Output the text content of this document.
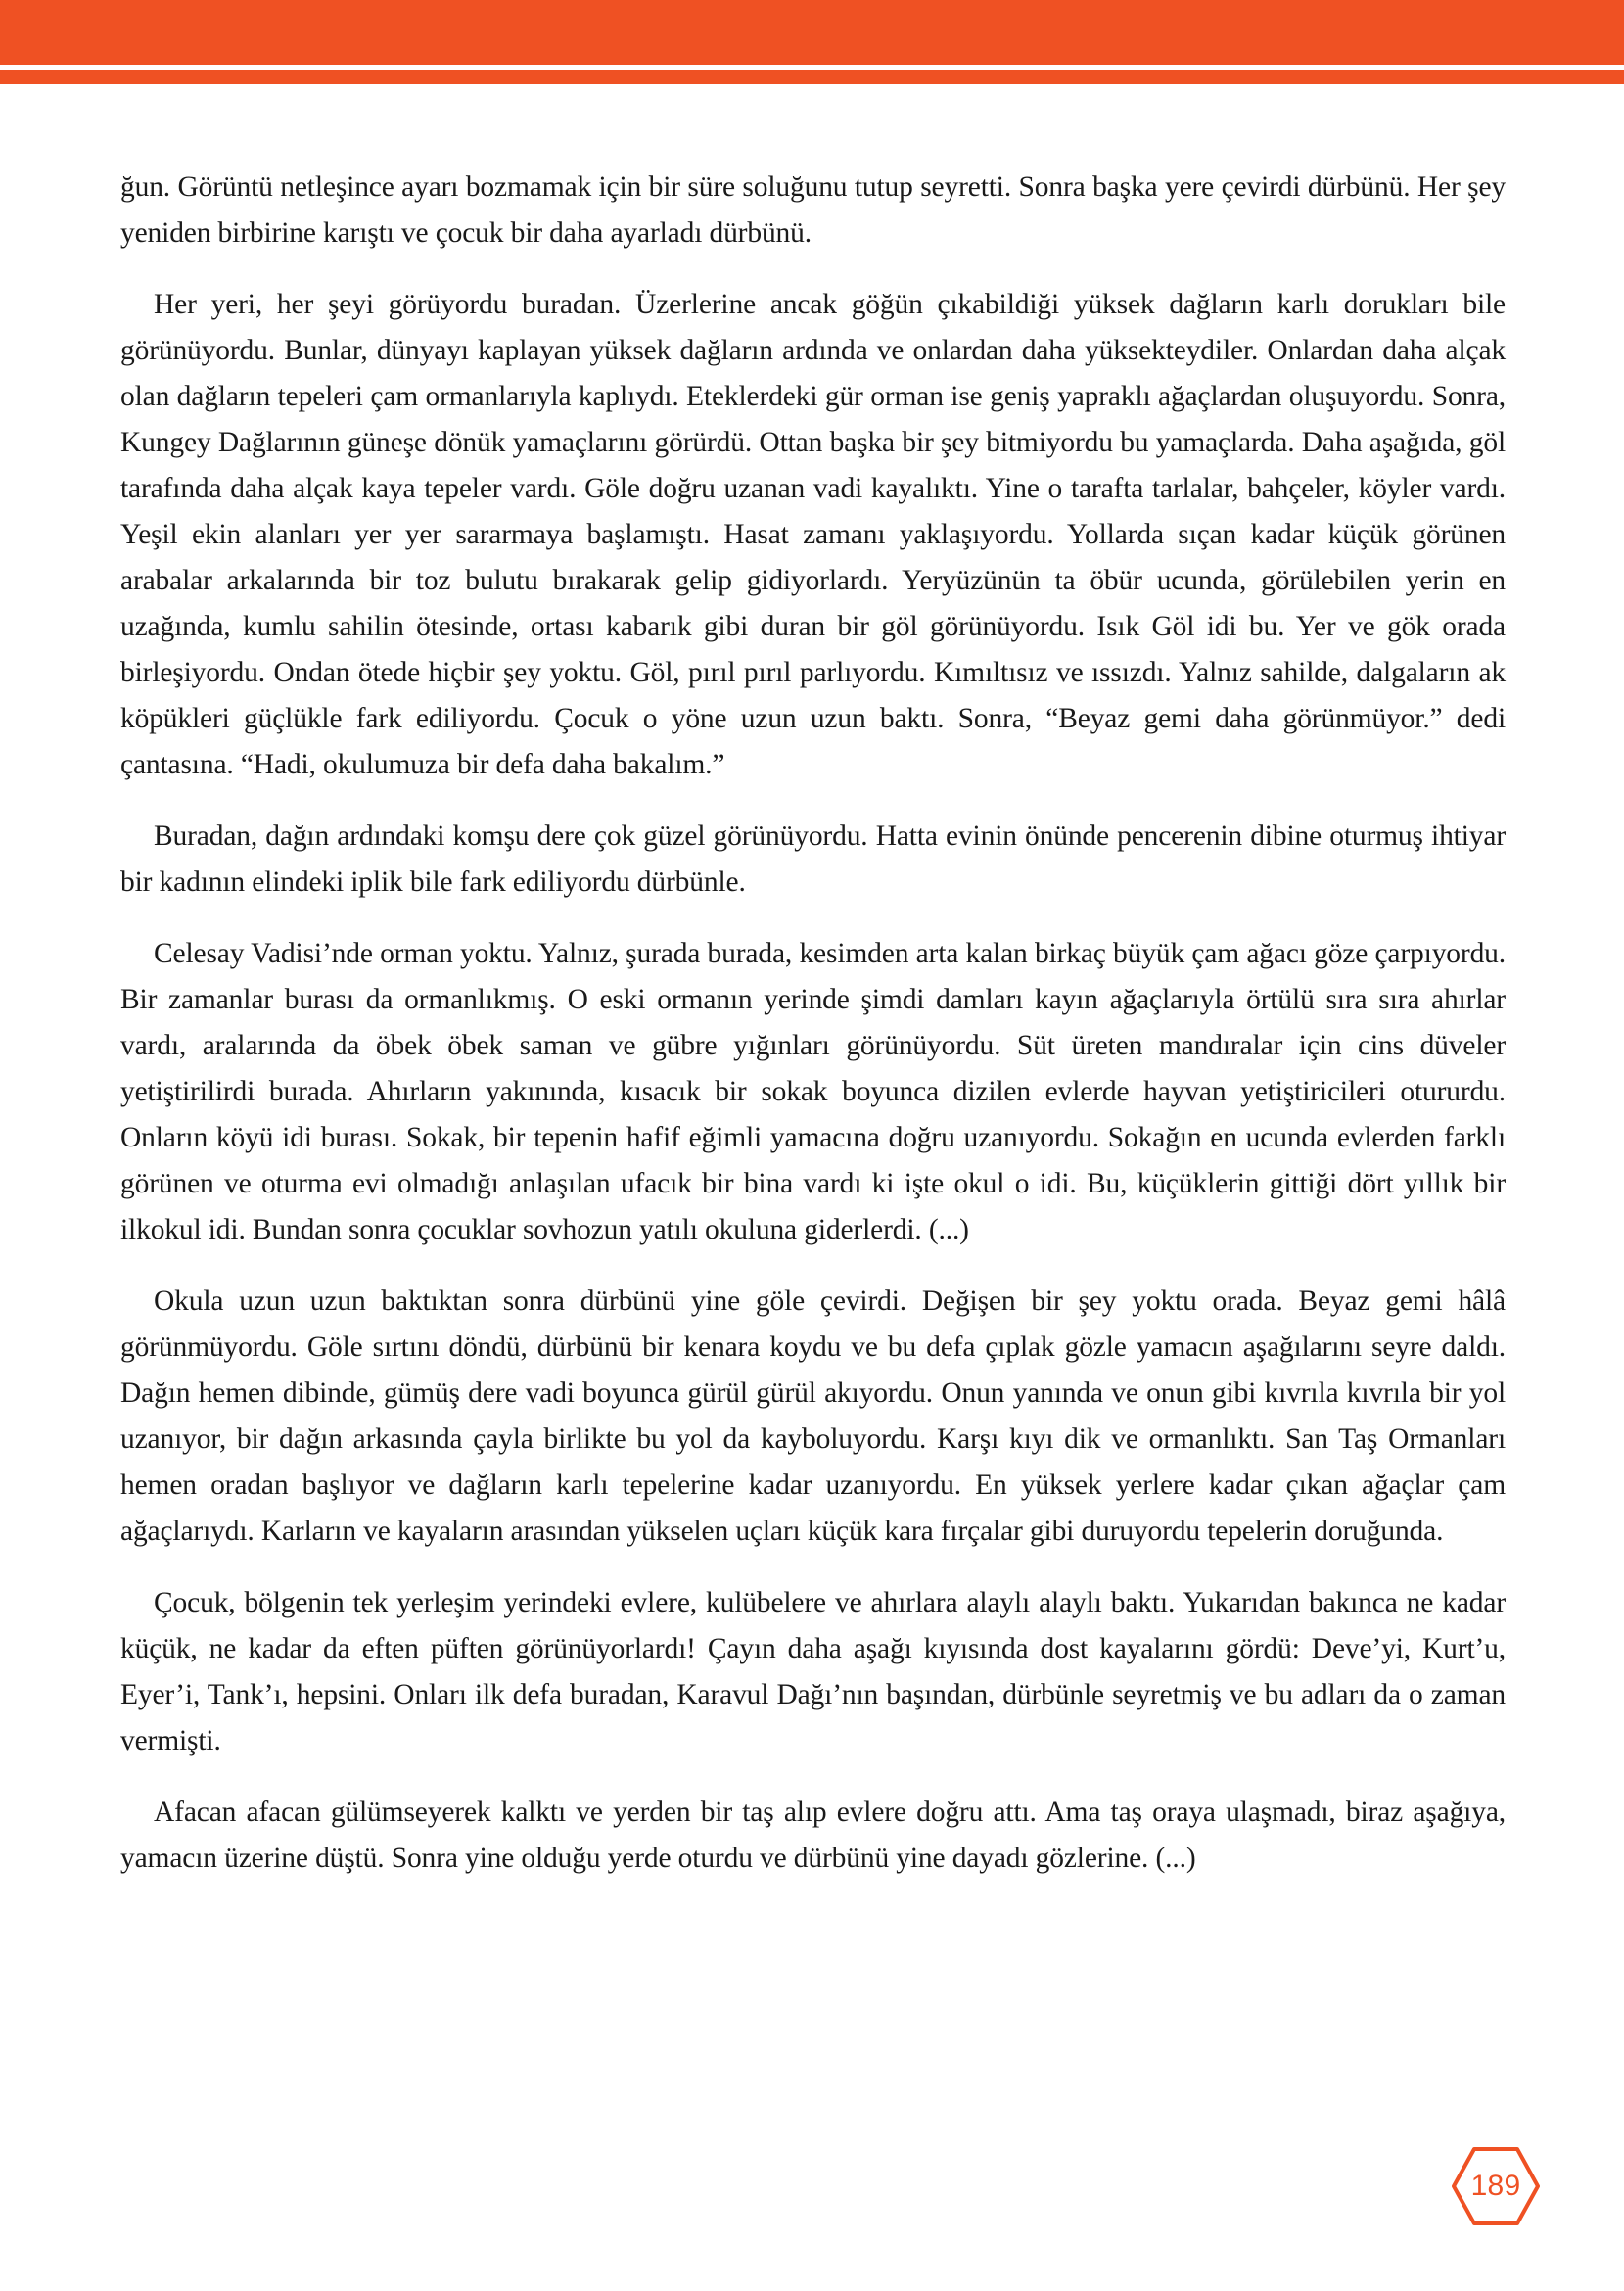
ğun. Görüntü netleşince ayarı bozmamak için bir süre soluğunu tutup seyretti. Sonra başka yere çevirdi dürbünü. Her şey yeniden birbirine karıştı ve çocuk bir daha ayarladı dürbünü.

Her yeri, her şeyi görüyordu buradan. Üzerlerine ancak göğün çıkabildiği yüksek dağların karlı dorukları bile görünüyordu. Bunlar, dünyayı kaplayan yüksek dağların ardında ve onlardan daha yüksekteydiler. Onlardan daha alçak olan dağların tepeleri çam ormanlarıyla kaplıydı. Eteklerdeki gür orman ise geniş yapraklı ağaçlardan oluşuyordu. Sonra, Kungey Dağlarının güneşe dönük yamaçlarını görürdü. Ottan başka bir şey bitmiyordu bu yamaçlarda. Daha aşağıda, göl tarafında daha alçak kaya tepeler vardı. Göle doğru uzanan vadi kayalıktı. Yine o tarafta tarlalar, bahçeler, köyler vardı. Yeşil ekin alanları yer yer sararmaya başlamıştı. Hasat zamanı yaklaşıyordu. Yollarda sıçan kadar küçük görünen arabalar arkalarında bir toz bulutu bırakarak gelip gidiyorlardı. Yeryüzünün ta öbür ucunda, görülebilen yerin en uzağında, kumlu sahilin ötesinde, ortası kabarık gibi duran bir göl görünüyordu. Isık Göl idi bu. Yer ve gök orada birleşiyordu. Ondan ötede hiçbir şey yoktu. Göl, pırıl pırıl parlıyordu. Kımıltısız ve ıssızdı. Yalnız sahilde, dalgaların ak köpükleri güçlükle fark ediliyordu. Çocuk o yöne uzun uzun baktı. Sonra, “Beyaz gemi daha görünmüyor.” dedi çantasına. “Hadi, okulumuza bir defa daha bakalım.”

Buradan, dağın ardındaki komşu dere çok güzel görünüyordu. Hatta evinin önünde pencerenin dibine oturmuş ihtiyar bir kadının elindeki iplik bile fark ediliyordu dürbünle.

Celesay Vadisi’nde orman yoktu. Yalnız, şurada burada, kesimden arta kalan birkaç büyük çam ağacı göze çarpıyordu. Bir zamanlar burası da ormanlıkmış. O eski ormanın yerinde şimdi damları kayın ağaçlarıyla örtülü sıra sıra ahırlar vardı, aralarında da öbek öbek saman ve gübre yığınları görünüyordu. Süt üreten mandıralar için cins düveler yetiştirilirdi burada. Ahırların yakınında, kısacık bir sokak boyunca dizilen evlerde hayvan yetiştiricileri otururdu. Onların köyü idi burası. Sokak, bir tepenin hafif eğimli yamacına doğru uzanıyordu. Sokağın en ucunda evlerden farklı görünen ve oturma evi olmadığı anlaşılan ufacık bir bina vardı ki işte okul o idi. Bu, küçüklerin gittiği dört yıllık bir ilkokul idi. Bundan sonra çocuklar sovhozun yatılı okuluna giderlerdi. (...)

Okula uzun uzun baktıktan sonra dürbünü yine göle çevirdi. Değişen bir şey yoktu orada. Beyaz gemi hâlâ görünmüyordu. Göle sırtını döndü, dürbünü bir kenara koydu ve bu defa çıplak gözle yamacın aşağılarını seyre daldı. Dağın hemen dibinde, gümüş dere vadi boyunca gürül gürül akıyordu. Onun yanında ve onun gibi kıvrıla kıvrıla bir yol uzanıyor, bir dağın arkasında çayla birlikte bu yol da kayboluyordu. Karşı kıyı dik ve ormanlıktı. San Taş Ormanları hemen oradan başlıyor ve dağların karlı tepelerine kadar uzanıyordu. En yüksek yerlere kadar çıkan ağaçlar çam ağaçlarıydı. Karların ve kayaların arasından yükselen uçları küçük kara fırçalar gibi duruyordu tepelerin doruğunda.

Çocuk, bölgenin tek yerleşim yerindeki evlere, kulübelere ve ahırlara alaylı alaylı baktı. Yukarıdan bakınca ne kadar küçük, ne kadar da eften püften görünüyorlardı! Çayın daha aşağı kıyısında dost kayalarını gördü: Deve’yi, Kurt’u, Eyer’i, Tank’ı, hepsini. Onları ilk defa buradan, Karavul Dağı’nın başından, dürbünle seyretmiş ve bu adları da o zaman vermişti.

Afacan afacan gülümseyerek kalktı ve yerden bir taş alıp evlere doğru attı. Ama taş oraya ulaşmadı, biraz aşağıya, yamacın üzerine düştü. Sonra yine olduğu yerde oturdu ve dürbünü yine dayadı gözlerine. (...)

189
